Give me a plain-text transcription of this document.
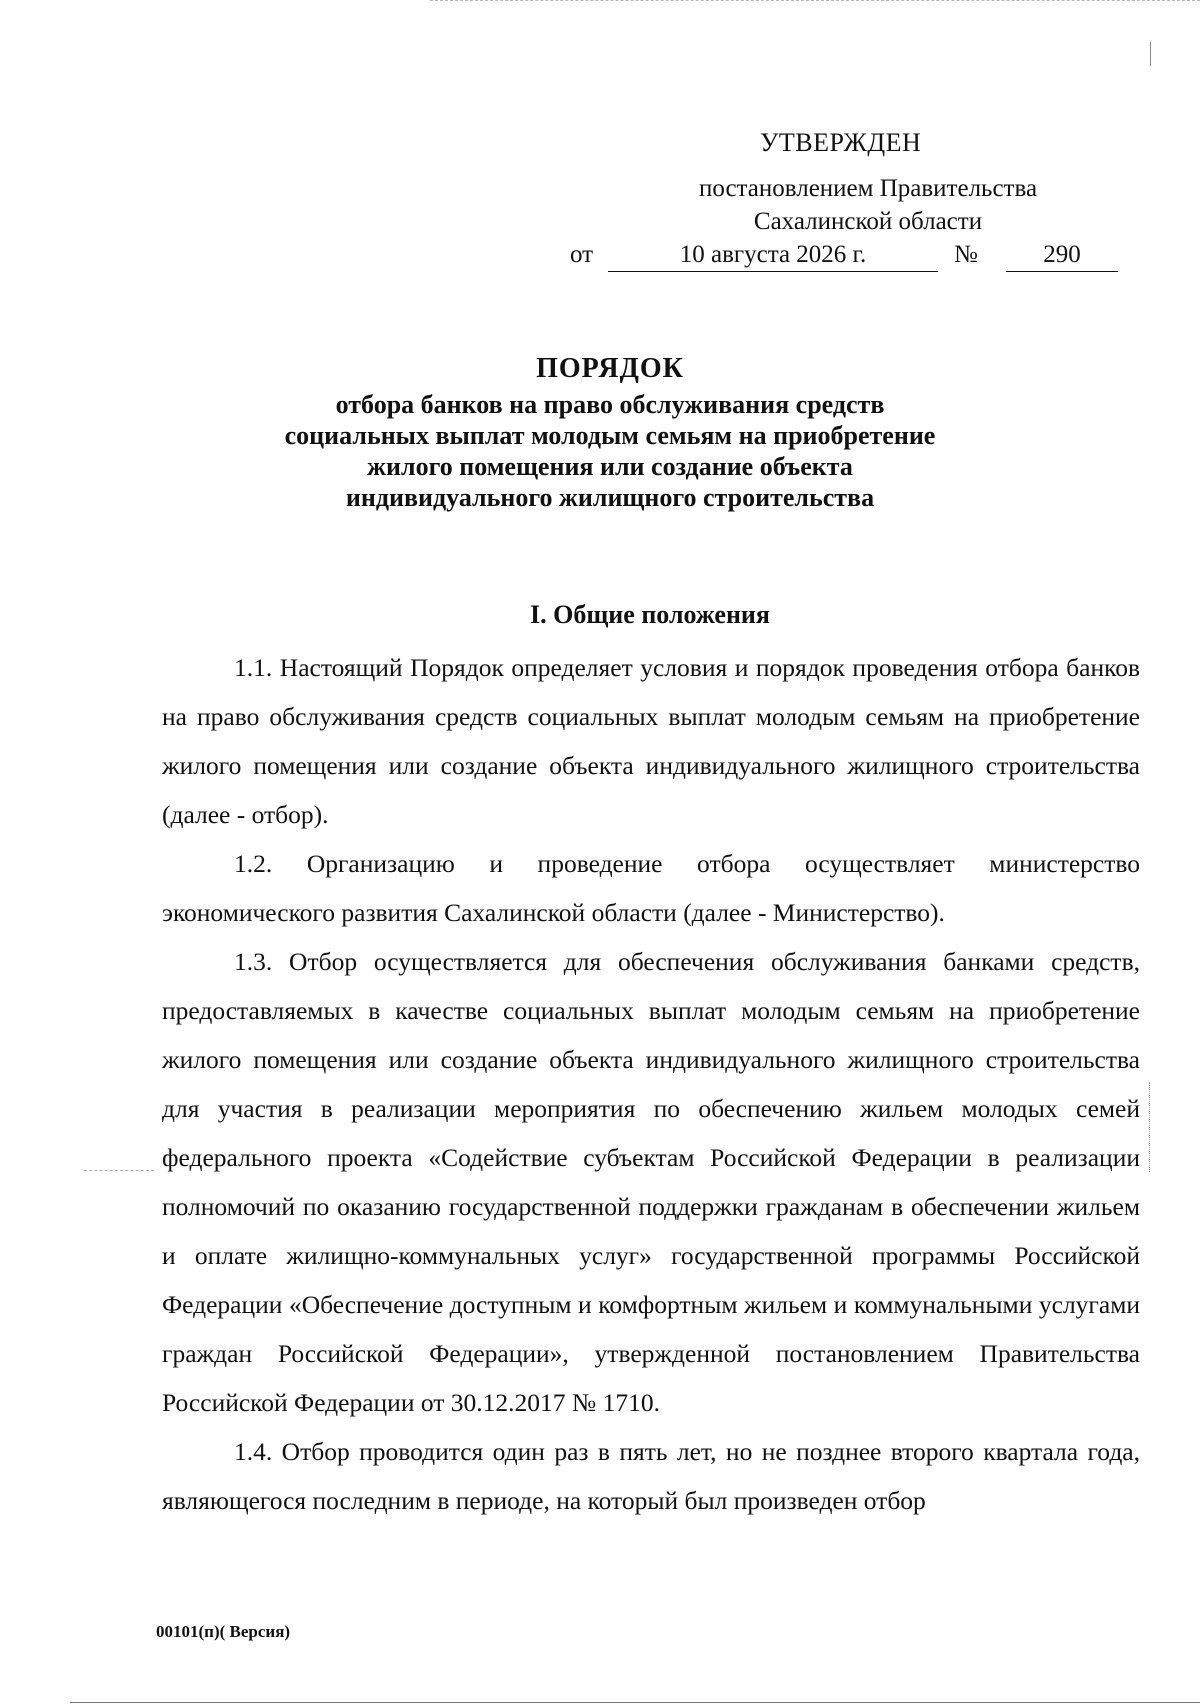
УТВЕРЖДЕН
постановлением Правительства
Сахалинской области
от	10 августа 2026 г.	№	290
ПОРЯДОК
отбора банков на право обслуживания средств
социальных выплат молодым семьям на приобретение
жилого помещения или создание объекта
индивидуального жилищного строительства
I. Общие положения

1.1. Настоящий Порядок определяет условия и порядок проведения отбора банков на право обслуживания средств социальных выплат молодым семьям на приобретение жилого помещения или создание объекта индивидуального жилищного строительства (далее - отбор).

1.2. Организацию и проведение отбора осуществляет министерство экономического развития Сахалинской области (далее - Министерство).

1.3. Отбор осуществляется для обеспечения обслуживания банками средств, предоставляемых в качестве социальных выплат молодым семьям на приобретение жилого помещения или создание объекта индивидуального жилищного строительства для участия в реализации мероприятия по обеспечению жильем молодых семей федерального проекта «Содействие субъектам Российской Федерации в реализации полномочий по оказанию государственной поддержки гражданам в обеспечении жильем и оплате жилищно-коммунальных услуг» государственной программы Российской Федерации «Обеспечение доступным и комфортным жильем и коммунальными услугами граждан Российской Федерации», утвержденной постановлением Правительства Российской Федерации от 30.12.2017 № 1710.

1.4. Отбор проводится один раз в пять лет, но не позднее второго квартала года, являющегося последним в периоде, на который был произведен отбор

00101(п)( Версия)
